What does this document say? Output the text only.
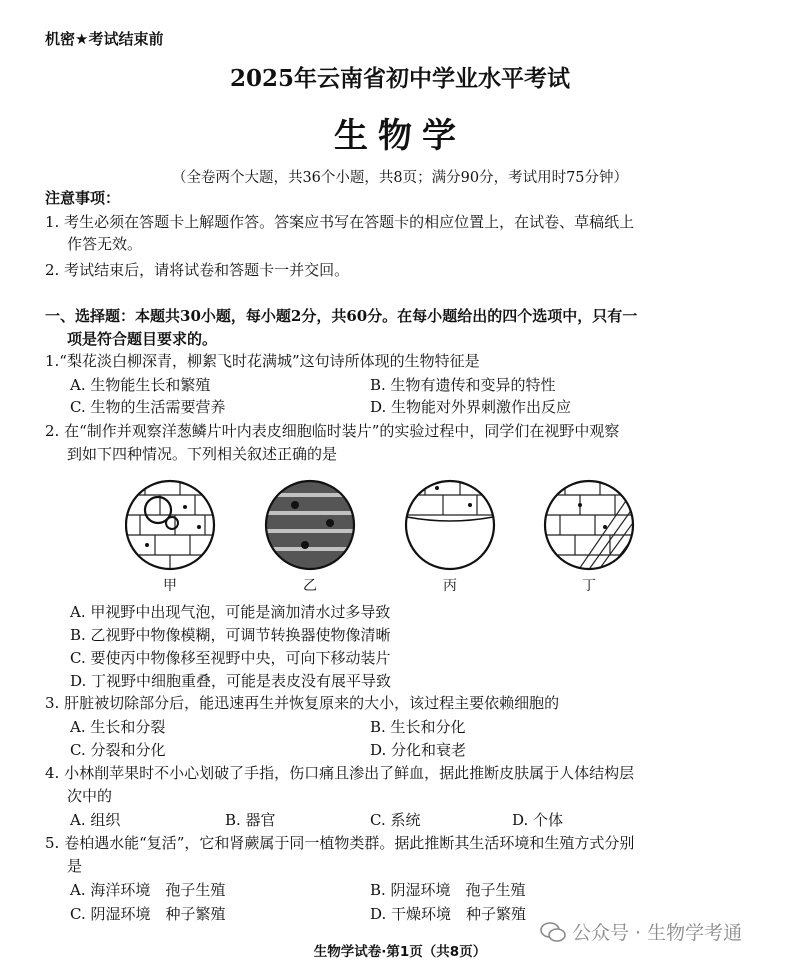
机密★考试结束前
2025年云南省初中学业水平考试
生物学
（全卷两个大题，共36个小题，共8页；满分90分，考试用时75分钟）
注意事项：
1. 考生必须在答题卡上解题作答。答案应书写在答题卡的相应位置上，在试卷、草稿纸上
作答无效。
2. 考试结束后，请将试卷和答题卡一并交回。
一、选择题：本题共30小题，每小题2分，共60分。在每小题给出的四个选项中，只有一
项是符合题目要求的。
1.“梨花淡白柳深青，柳絮飞时花满城”这句诗所体现的生物特征是
A. 生物能生长和繁殖	B. 生物有遗传和变异的特性
C. 生物的生活需要营养	D. 生物能对外界刺激作出反应
2. 在“制作并观察洋葱鳞片叶内表皮细胞临时装片”的实验过程中，同学们在视野中观察
到如下四种情况。下列相关叙述正确的是
甲	乙	丙	丁
A. 甲视野中出现气泡，可能是滴加清水过多导致
B. 乙视野中物像模糊，可调节转换器使物像清晰
C. 要使丙中物像移至视野中央，可向下移动装片
D. 丁视野中细胞重叠，可能是表皮没有展平导致
3. 肝脏被切除部分后，能迅速再生并恢复原来的大小，该过程主要依赖细胞的
A. 生长和分裂	B. 生长和分化
C. 分裂和分化	D. 分化和衰老
4. 小林削苹果时不小心划破了手指，伤口痛且渗出了鲜血，据此推断皮肤属于人体结构层
次中的
A. 组织	B. 器官	C. 系统	D. 个体
5. 卷柏遇水能“复活”，它和肾蕨属于同一植物类群。据此推断其生活环境和生殖方式分别
是
A. 海洋环境　孢子生殖	B. 阴湿环境　孢子生殖
C. 阴湿环境　种子繁殖	D. 干燥环境　种子繁殖
公众号 · 生物学考通
生物学试卷·第1页（共8页）
